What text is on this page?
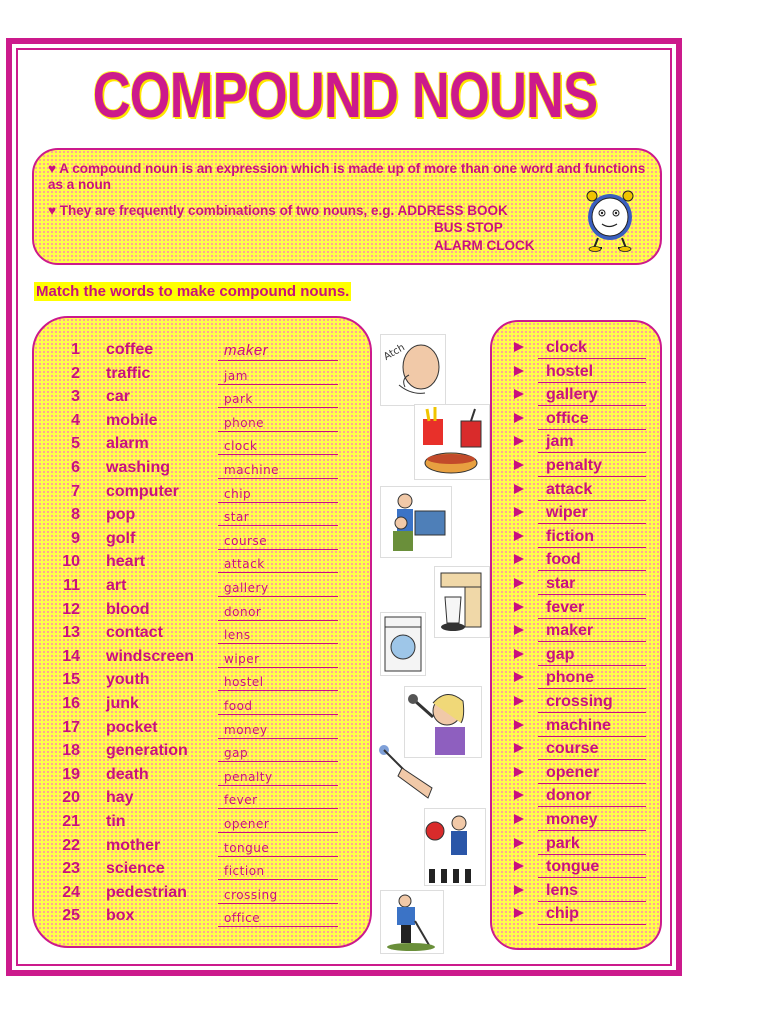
COMPOUND NOUNS
♥ A compound noun is an expression which is made up of more than one word and functions as a noun
♥ They are frequently combinations of two nouns, e.g. ADDRESS BOOK
BUS STOP
ALARM CLOCK
Match the words to make compound nouns.
1 coffee	maker
2 traffic	jam
3 car	park
4 mobile	phone
5 alarm	clock
6 washing	machine
7 computer	chip
8 pop	star
9 golf	course
10 heart	attack
11 art	gallery
12 blood	donor
13 contact	lens
14 windscreen wiper
15 youth	hostel
16 junk	food
17 pocket	money
18 generation	gap
19 death	penalty
20 hay	fever
21 tin	opener
22 mother	tongue
23 science	fiction
24 pedestrian	crossing
25 box	office
clock
hostel
gallery
office
jam
penalty
attack
wiper
fiction
food
star
fever
maker
gap
phone
crossing
machine
course
opener
donor
money
park
tongue
lens
chip
Atch
